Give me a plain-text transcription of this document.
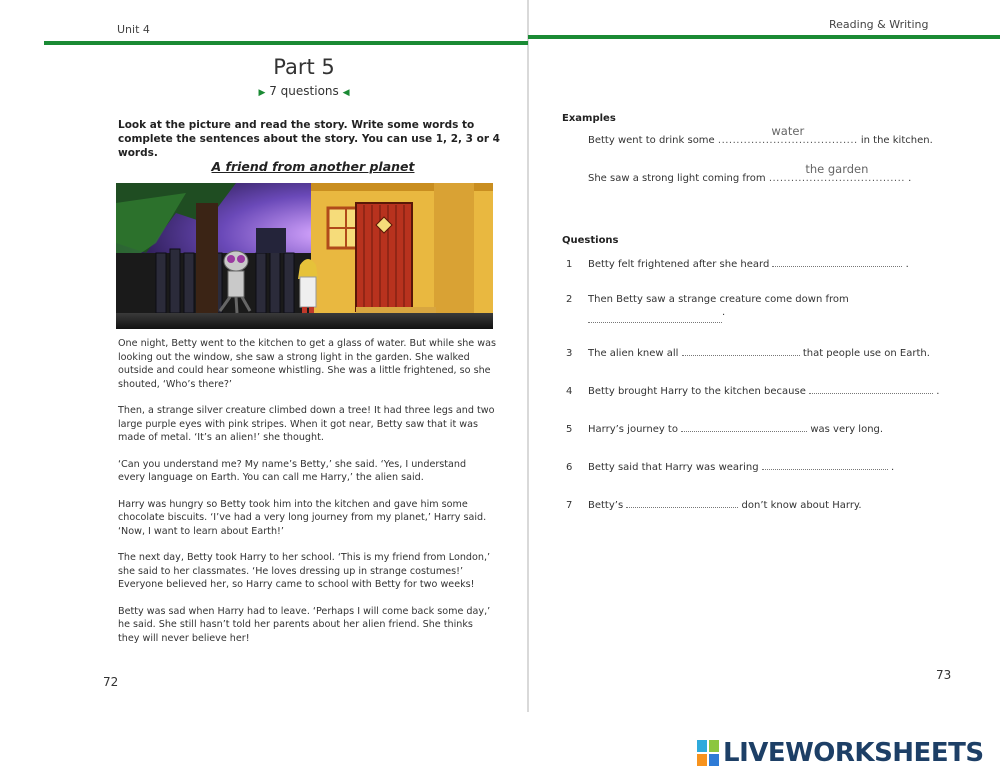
Unit 4
Part 5
▶ 7 questions ◀
Look at the picture and read the story. Write some words to complete the sentences about the story. You can use 1, 2, 3 or 4 words.
A friend from another planet

One night, Betty went to the kitchen to get a glass of water. But while she was looking out the window, she saw a strong light in the garden. She walked outside and could hear someone whistling. She was a little frightened, so she shouted, ‘Who’s there?’

Then, a strange silver creature climbed down a tree! It had three legs and two large purple eyes with pink stripes. When it got near, Betty saw that it was made of metal. ‘It’s an alien!’ she thought.

‘Can you understand me? My name’s Betty,’ she said. ‘Yes, I understand every language on Earth. You can call me Harry,’ the alien said.

Harry was hungry so Betty took him into the kitchen and gave him some chocolate biscuits. ‘I’ve had a very long journey from my planet,’ Harry said. ‘Now, I want to learn about Earth!’

The next day, Betty took Harry to her school. ‘This is my friend from London,’ she said to her classmates. ‘He loves dressing up in strange costumes!’ Everyone believed her, so Harry came to school with Betty for two weeks!

Betty was sad when Harry had to leave. ‘Perhaps I will come back some day,’ he said. She still hasn’t told her parents about her alien friend. She thinks they will never believe her!

72
Reading & Writing
Examples
Betty went to drink some ......................................
water
in the kitchen.
She saw a strong light coming from .....................................
the garden
.
Questions
1 Betty felt frightened after she heard	.
2 Then Betty saw a strange creature come down from
.
3 The alien knew all	that people use on Earth.
4 Betty brought Harry to the kitchen because	.
5 Harry’s journey to	was very long.
6 Betty said that Harry was wearing	.
7 Betty’s	don’t know about Harry.
73
LIVEWORKSHEETS
